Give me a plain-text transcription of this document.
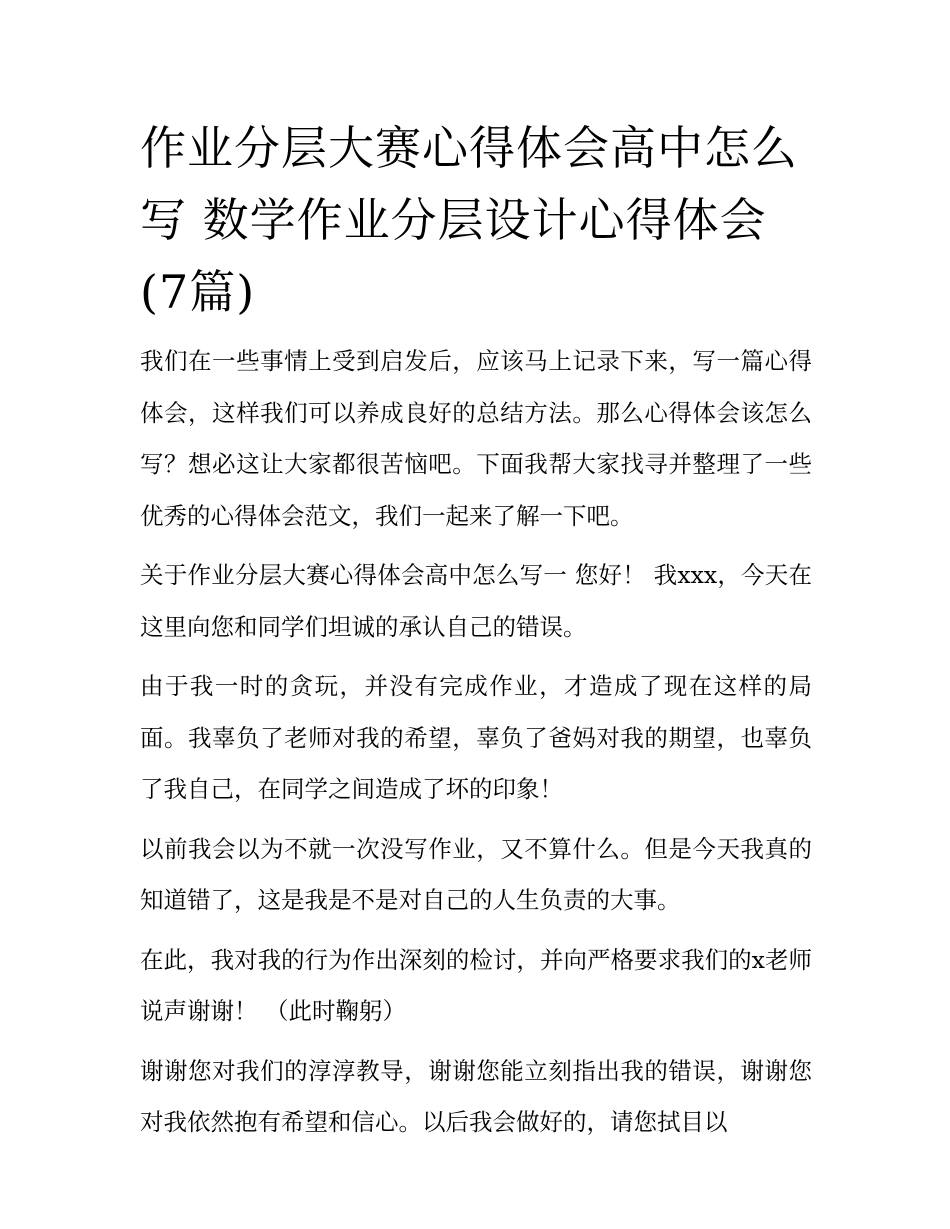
作业分层大赛心得体会高中怎么写 数学作业分层设计心得体会(7篇)

我们在一些事情上受到启发后，应该马上记录下来，写一篇心得体会，这样我们可以养成良好的总结方法。那么心得体会该怎么写？想必这让大家都很苦恼吧。下面我帮大家找寻并整理了一些优秀的心得体会范文，我们一起来了解一下吧。

关于作业分层大赛心得体会高中怎么写一 您好！ 我xxx，今天在这里向您和同学们坦诚的承认自己的错误。

由于我一时的贪玩，并没有完成作业，才造成了现在这样的局面。我辜负了老师对我的希望，辜负了爸妈对我的期望，也辜负了我自己，在同学之间造成了坏的印象！

以前我会以为不就一次没写作业，又不算什么。但是今天我真的知道错了，这是我是不是对自己的人生负责的大事。

在此，我对我的行为作出深刻的检讨，并向严格要求我们的x老师说声谢谢！ （此时鞠躬）

谢谢您对我们的淳淳教导，谢谢您能立刻指出我的错误，谢谢您对我依然抱有希望和信心。以后我会做好的，请您拭目以
